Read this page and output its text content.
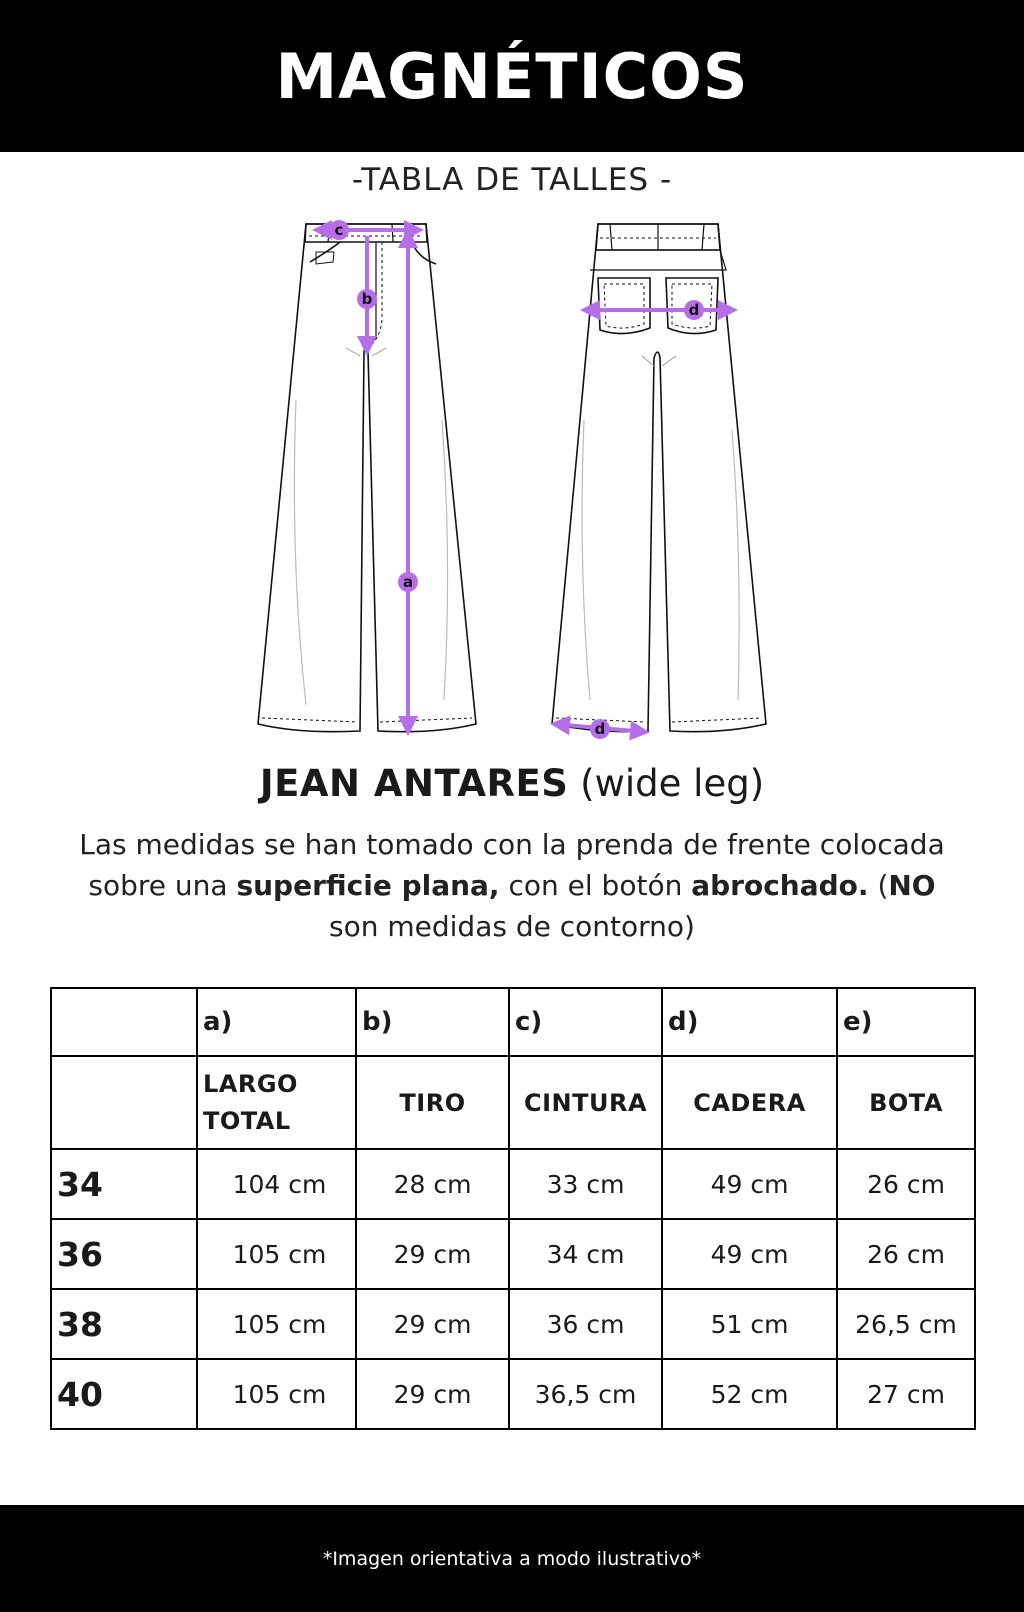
MAGNÉTICOS
-TABLA DE TALLES -
c
b
a
d
d
JEAN ANTARES (wide leg)
Las medidas se han tomado con la prenda de frente colocada sobre una superficie plana, con el botón abrochado. (NO son medidas de contorno)
	a)	b)	c)	d)	e)
	LARGO TOTAL	TIRO	CINTURA	CADERA	BOTA
34	104 cm	28 cm	33 cm	49 cm	26 cm
36	105 cm	29 cm	34 cm	49 cm	26 cm
38	105 cm	29 cm	36 cm	51 cm	26,5 cm
40	105 cm	29 cm	36,5 cm	52 cm	27 cm
*Imagen orientativa a modo ilustrativo*
